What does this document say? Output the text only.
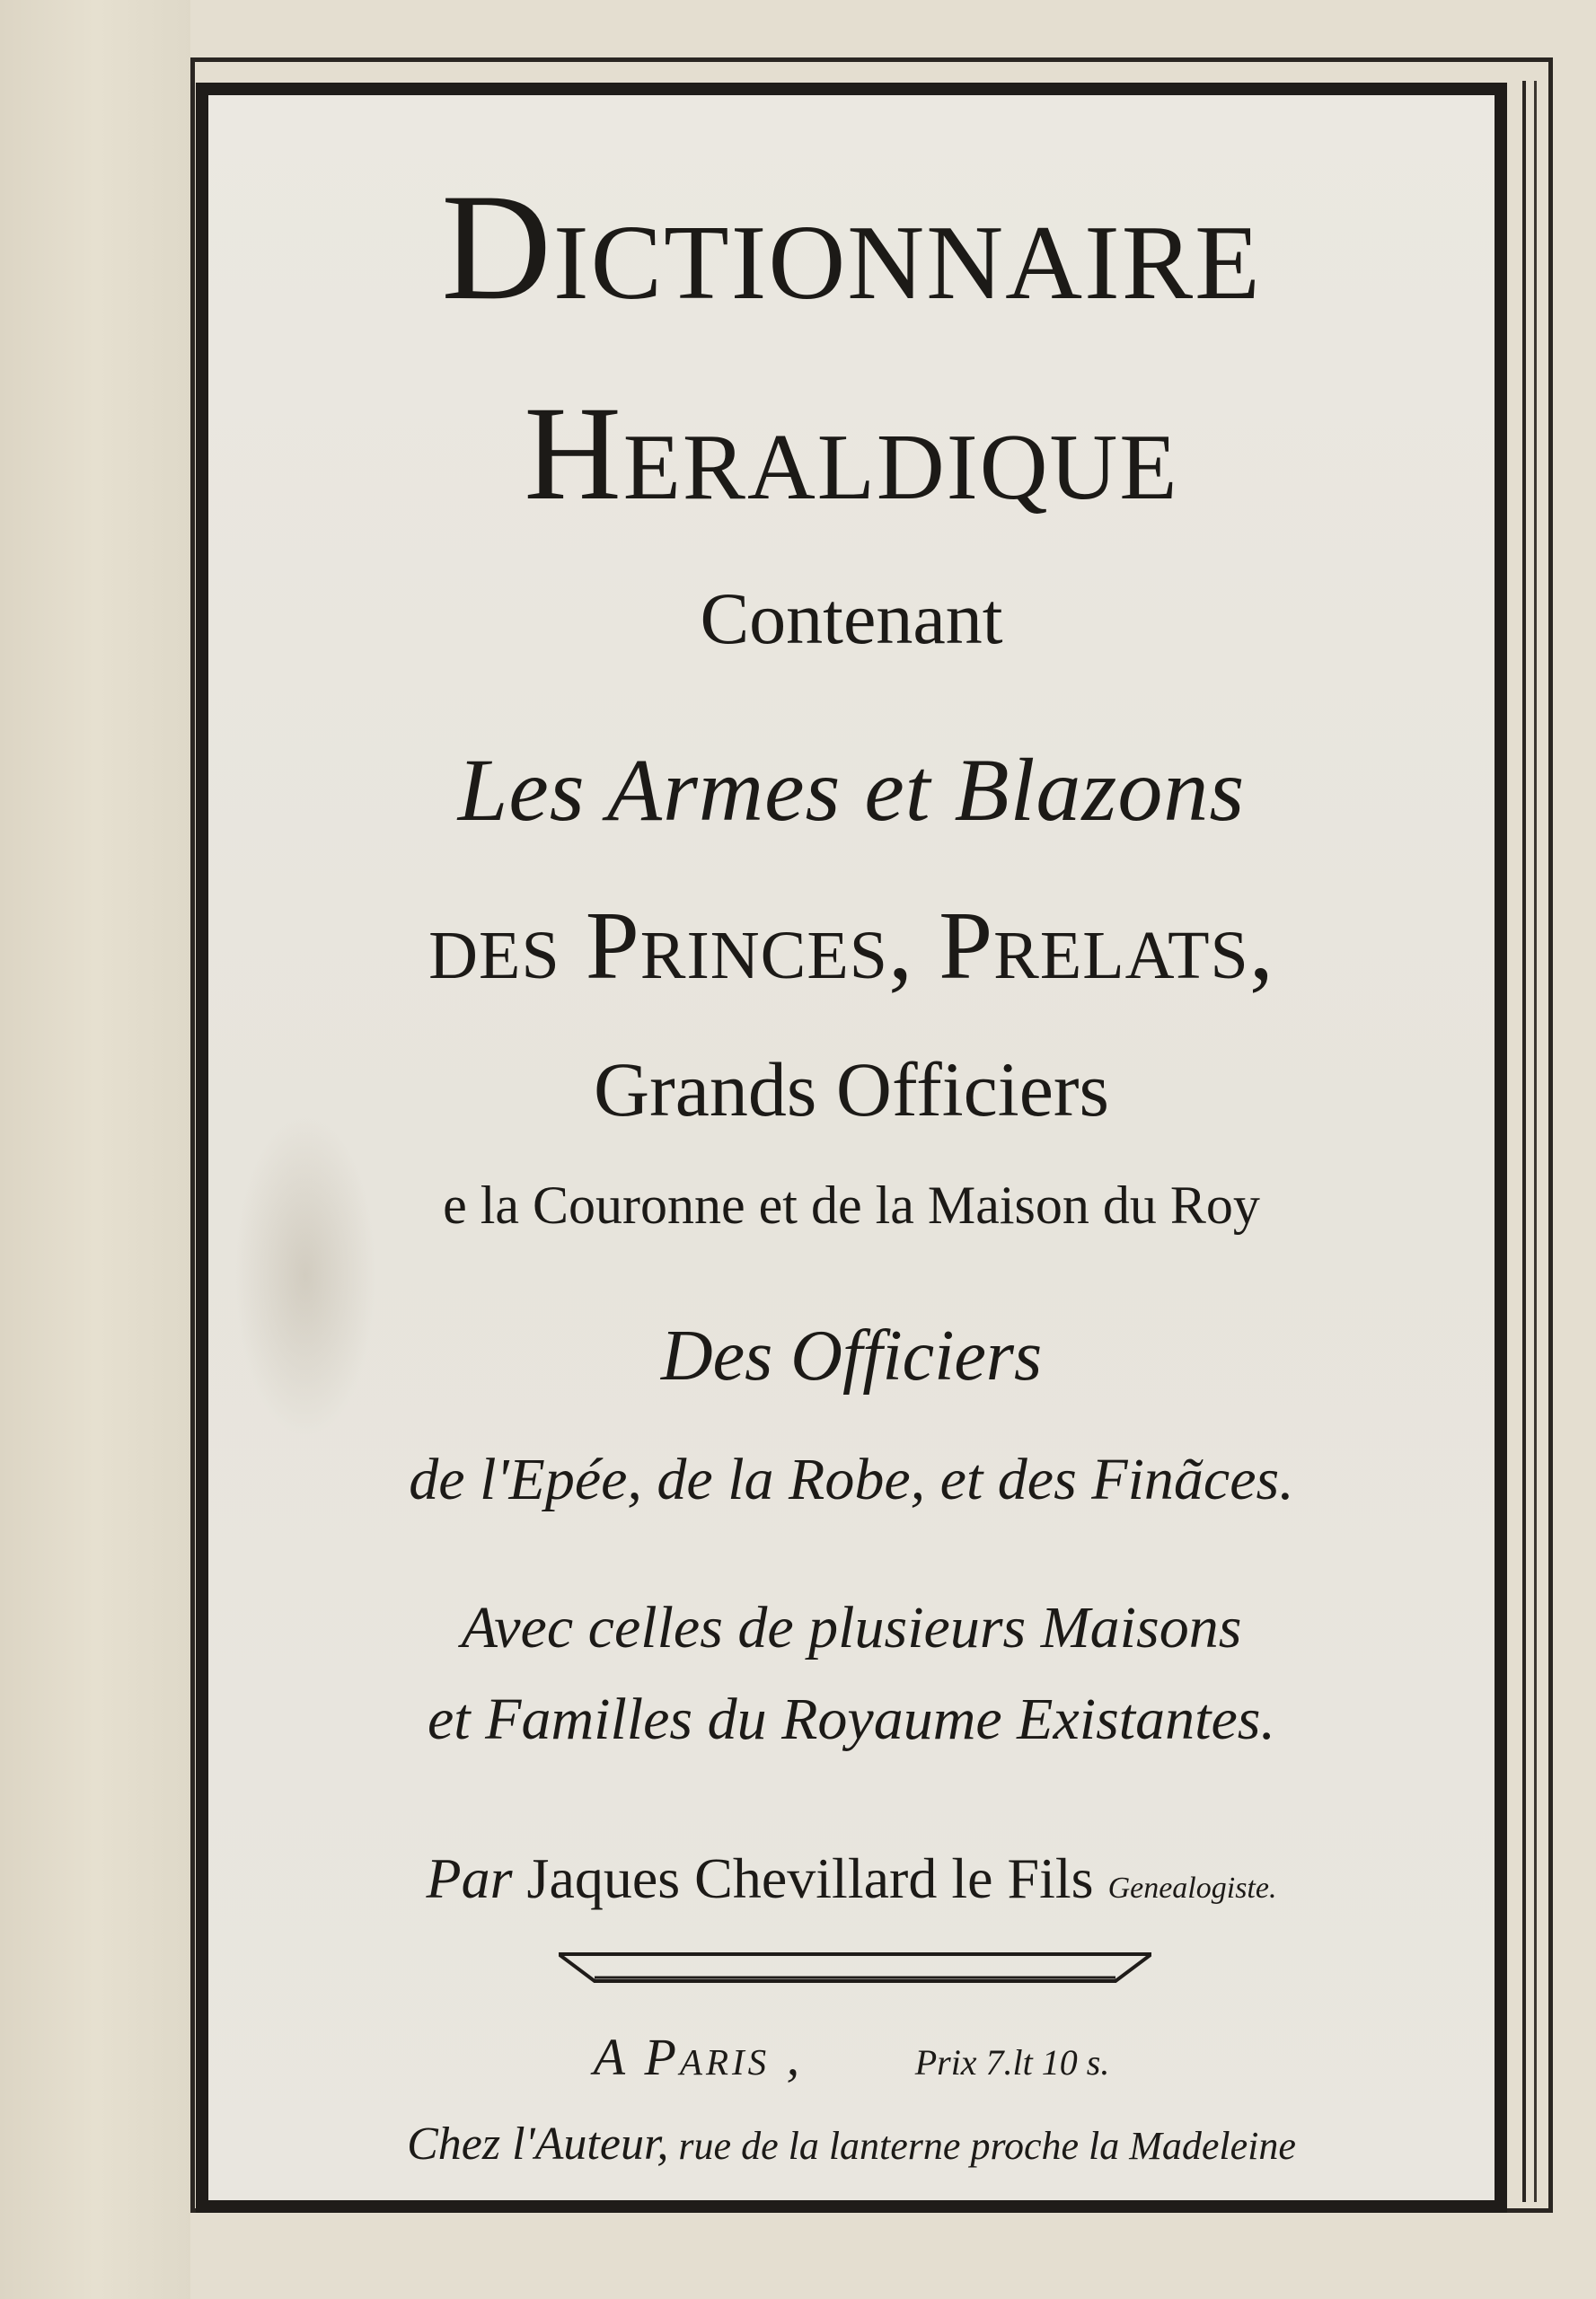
Dictionnaire
Heraldique
Contenant
Les Armes et Blazons
des Princes, Prelats,
Grands Officiers
e la Couronne et de la Maison du Roy
Des Officiers
de l'Epée, de la Robe, et des Finãces.
Avec celles de plusieurs Maisons
et Familles du Royaume Existantes.
Par Jaques Chevillard le Fils Genealogiste.
A Paris ,	Prix 7.lt 10 s.
Chez l'Auteur, rue de la lanterne proche la Madeleine
